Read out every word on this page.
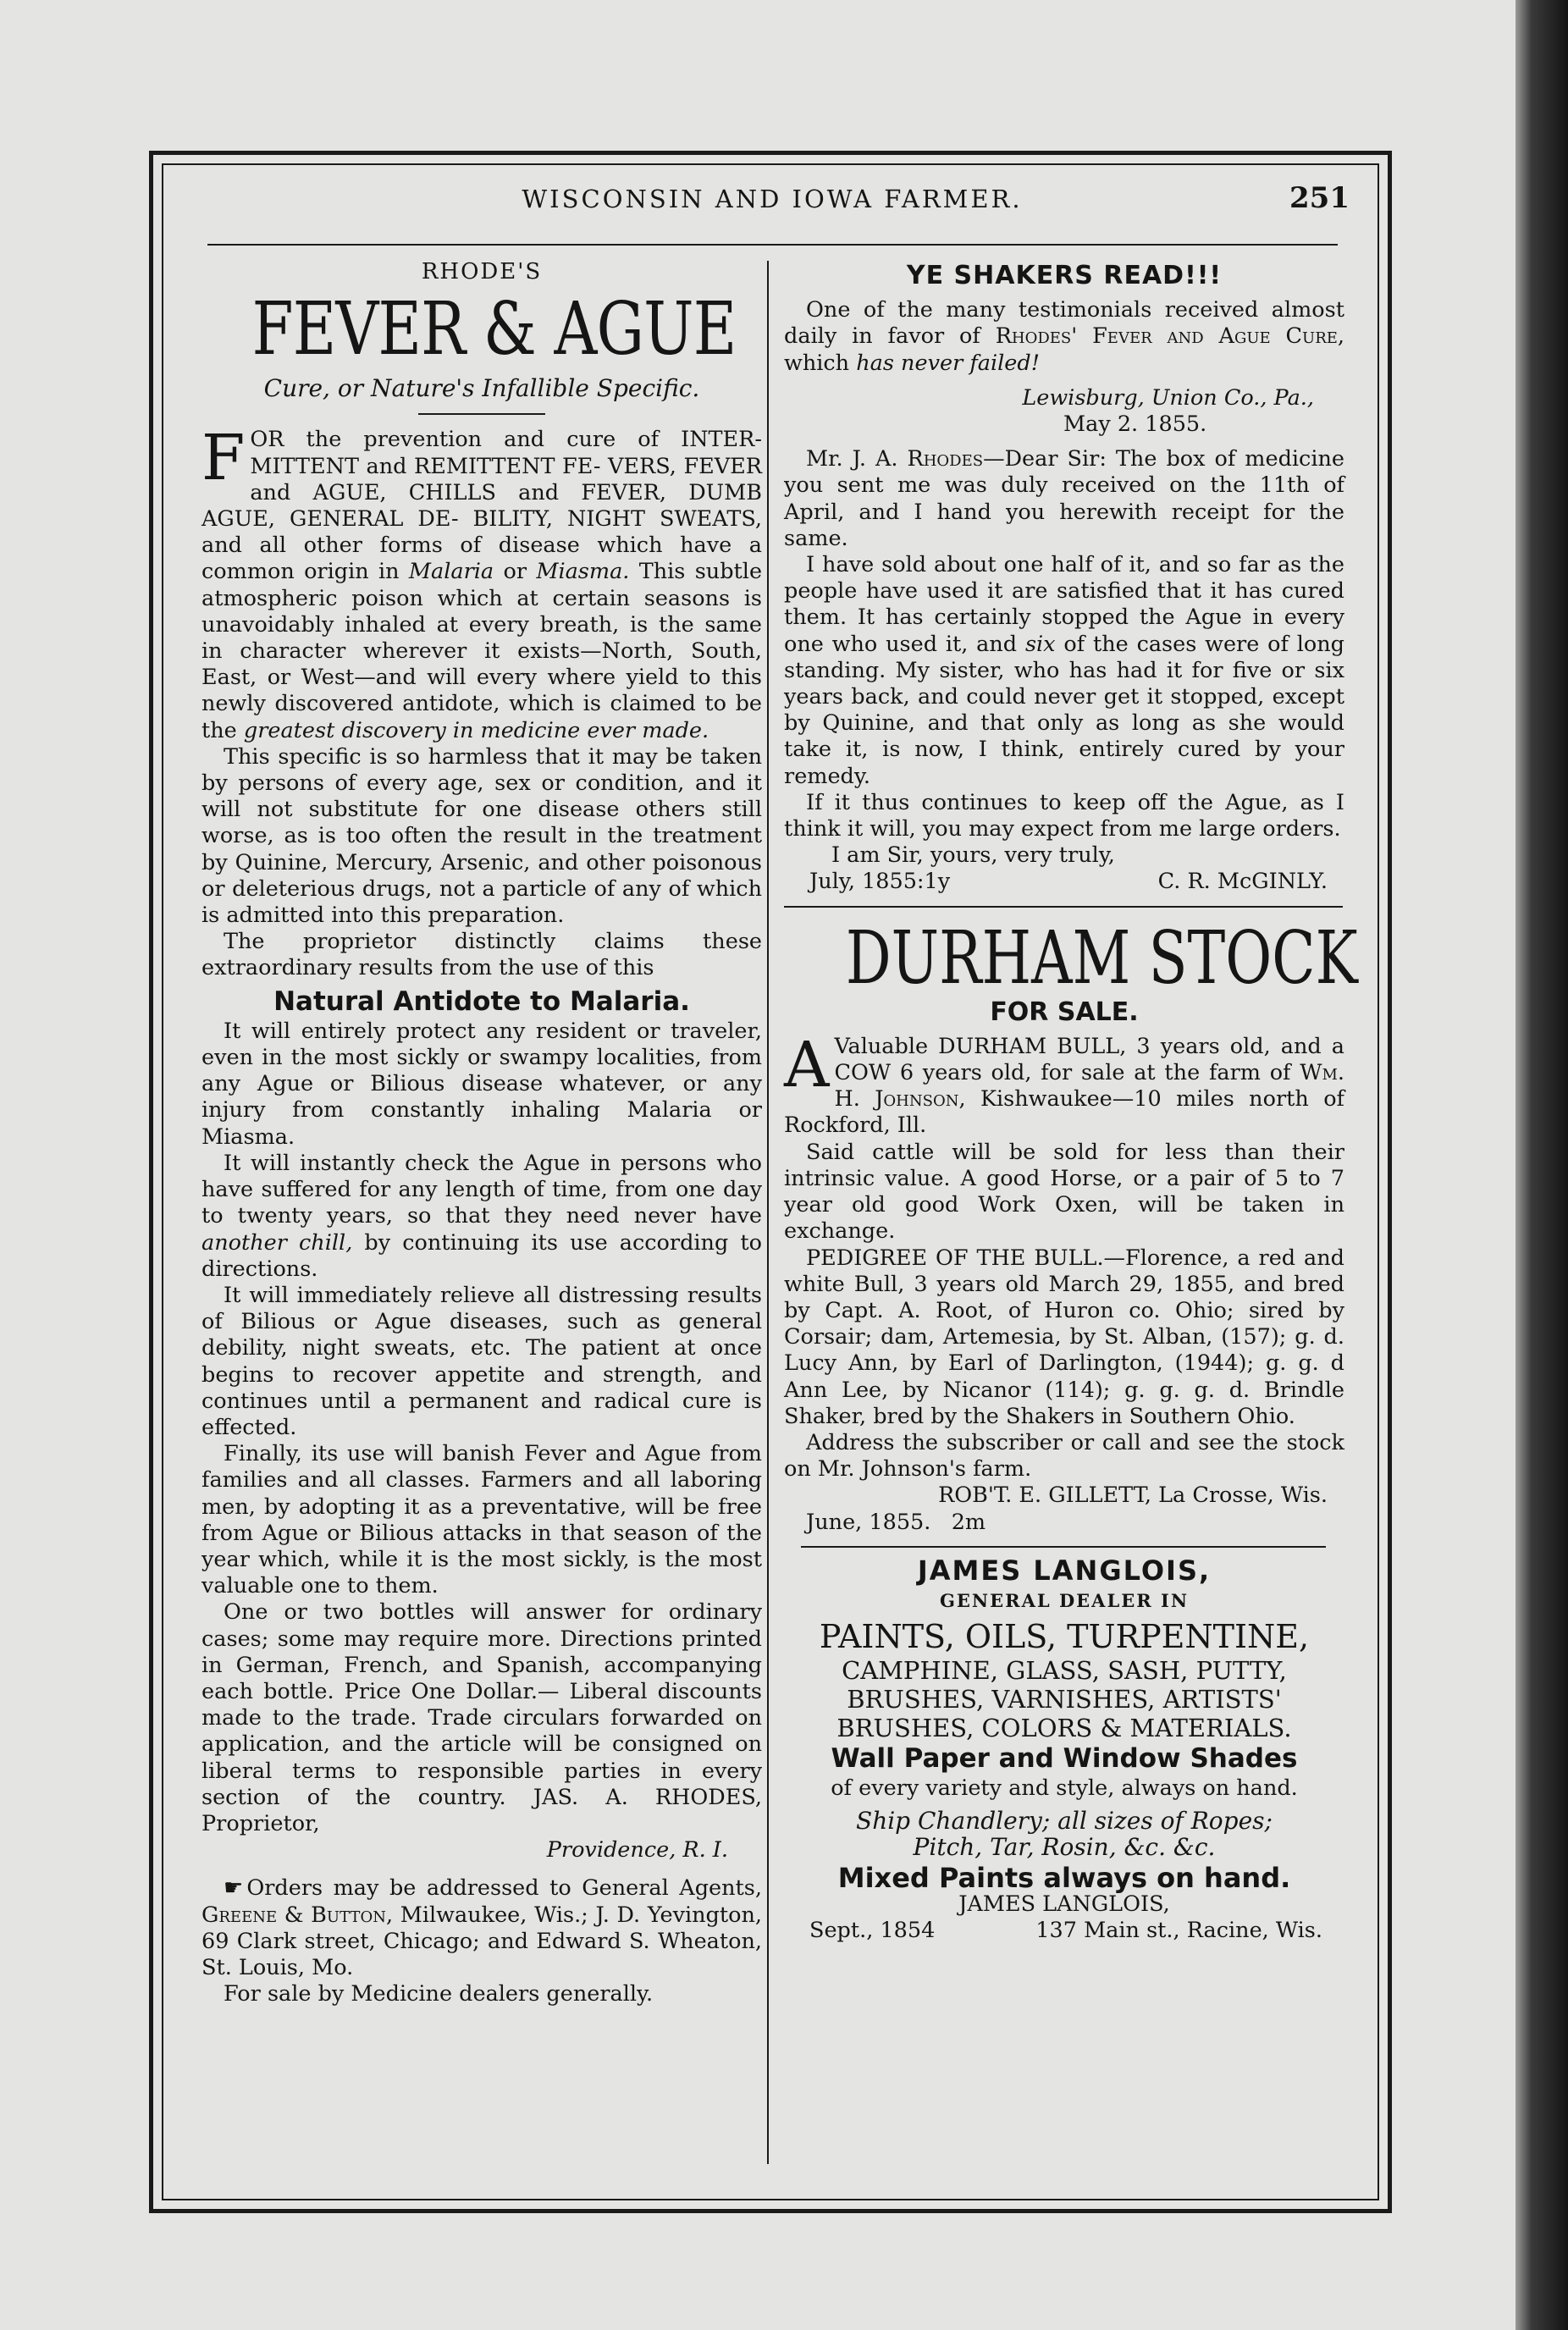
WISCONSIN AND IOWA FARMER.	251
RHODE'S
FEVER & AGUE
Cure, or Nature's Infallible Specific.

FOR the prevention and cure of INTER- MITTENT and REMITTENT FE- VERS, FEVER and AGUE, CHILLS and FEVER, DUMB AGUE, GENERAL DE- BILITY, NIGHT SWEATS, and all other forms of disease which have a common origin in Malaria or Miasma. This subtle atmospheric poison which at certain seasons is unavoidably inhaled at every breath, is the same in character wherever it exists—North, South, East, or West—and will every where yield to this newly discovered antidote, which is claimed to be the greatest discovery in medicine ever made.

This specific is so harmless that it may be taken by persons of every age, sex or condition, and it will not substitute for one disease others still worse, as is too often the result in the treatment by Quinine, Mercury, Arsenic, and other poisonous or deleterious drugs, not a particle of any of which is admitted into this preparation.

The proprietor distinctly claims these extraordinary results from the use of this

Natural Antidote to Malaria.

It will entirely protect any resident or traveler, even in the most sickly or swampy localities, from any Ague or Bilious disease whatever, or any injury from constantly inhaling Malaria or Miasma.

It will instantly check the Ague in persons who have suffered for any length of time, from one day to twenty years, so that they need never have another chill, by continuing its use according to directions.

It will immediately relieve all distressing results of Bilious or Ague diseases, such as general debility, night sweats, etc. The patient at once begins to recover appetite and strength, and continues until a permanent and radical cure is effected.

Finally, its use will banish Fever and Ague from families and all classes. Farmers and all laboring men, by adopting it as a preventative, will be free from Ague or Bilious attacks in that season of the year which, while it is the most sickly, is the most valuable one to them.

One or two bottles will answer for ordinary cases; some may require more. Directions printed in German, French, and Spanish, accompanying each bottle. Price One Dollar.— Liberal discounts made to the trade. Trade circulars forwarded on application, and the article will be consigned on liberal terms to responsible parties in every section of the country. JAS. A. RHODES, Proprietor,

Providence, R. I.

☛ Orders may be addressed to General Agents, Greene & Button, Milwaukee, Wis.; J. D. Yevington, 69 Clark street, Chicago; and Edward S. Wheaton, St. Louis, Mo.

For sale by Medicine dealers generally.

YE SHAKERS READ!!!

One of the many testimonials received almost daily in favor of Rhodes' Fever and Ague Cure, which has never failed!

Lewisburg, Union Co., Pa.,
May 2. 1855.

Mr. J. A. Rhodes—Dear Sir: The box of medicine you sent me was duly received on the 11th of April, and I hand you herewith receipt for the same.

I have sold about one half of it, and so far as the people have used it are satisfied that it has cured them. It has certainly stopped the Ague in every one who used it, and six of the cases were of long standing. My sister, who has had it for five or six years back, and could never get it stopped, except by Quinine, and that only as long as she would take it, is now, I think, entirely cured by your remedy.

If it thus continues to keep off the Ague, as I think it will, you may expect from me large orders.

I am Sir, yours, very truly,
July, 1855:1y	C. R. McGINLY.
DURHAM STOCK
FOR SALE.

A Valuable DURHAM BULL, 3 years old, and a COW 6 years old, for sale at the farm of Wm. H. Johnson, Kishwaukee—10 miles north of Rockford, Ill.

Said cattle will be sold for less than their intrinsic value. A good Horse, or a pair of 5 to 7 year old good Work Oxen, will be taken in exchange.

PEDIGREE OF THE BULL.—Florence, a red and white Bull, 3 years old March 29, 1855, and bred by Capt. A. Root, of Huron co. Ohio; sired by Corsair; dam, Artemesia, by St. Alban, (157); g. d. Lucy Ann, by Earl of Darlington, (1944); g. g. d Ann Lee, by Nicanor (114); g. g. g. d. Brindle Shaker, bred by the Shakers in Southern Ohio.

Address the subscriber or call and see the stock on Mr. Johnson's farm.

ROB'T. E. GILLETT, La Crosse, Wis.
June, 1855.   2m
JAMES LANGLOIS,
GENERAL DEALER IN
PAINTS, OILS, TURPENTINE,
CAMPHINE, GLASS, SASH, PUTTY,
BRUSHES, VARNISHES, ARTISTS'
BRUSHES, COLORS & MATERIALS.
Wall Paper and Window Shades
of every variety and style, always on hand.
Ship Chandlery; all sizes of Ropes;
Pitch, Tar, Rosin, &c. &c.
Mixed Paints always on hand.
JAMES LANGLOIS,
Sept., 1854	137 Main st., Racine, Wis.
